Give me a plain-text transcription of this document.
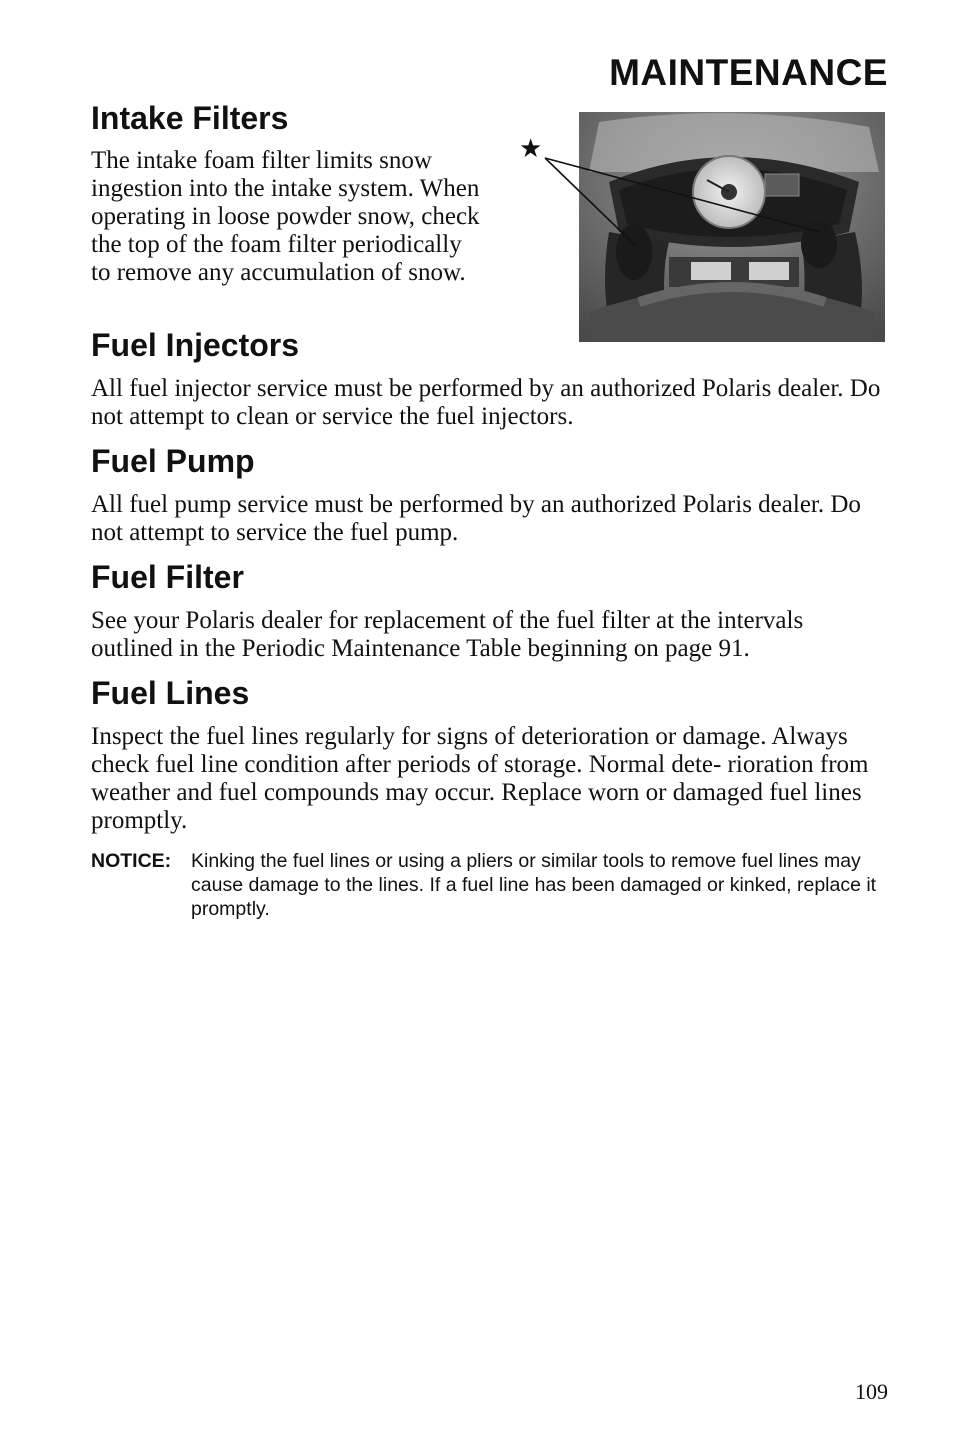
MAINTENANCE
Intake Filters

The intake foam filter limits snow ingestion into the intake system. When operating in loose powder snow, check the top of the foam filter periodically to remove any accumulation of snow.

★
Fuel Injectors

All fuel injector service must be performed by an authorized Polaris dealer. Do not attempt to clean or service the fuel injectors.

Fuel Pump

All fuel pump service must be performed by an authorized Polaris dealer. Do not attempt to service the fuel pump.

Fuel Filter

See your Polaris dealer for replacement of the fuel filter at the intervals outlined in the Periodic Maintenance Table beginning on page 91.

Fuel Lines

Inspect the fuel lines regularly for signs of deterioration or damage. Always check fuel line condition after periods of storage. Normal dete- rioration from weather and fuel compounds may occur. Replace worn or damaged fuel lines promptly.

NOTICE:	Kinking the fuel lines or using a pliers or similar tools to remove fuel lines may cause damage to the lines. If a fuel line has been damaged or kinked, replace it promptly.
109
